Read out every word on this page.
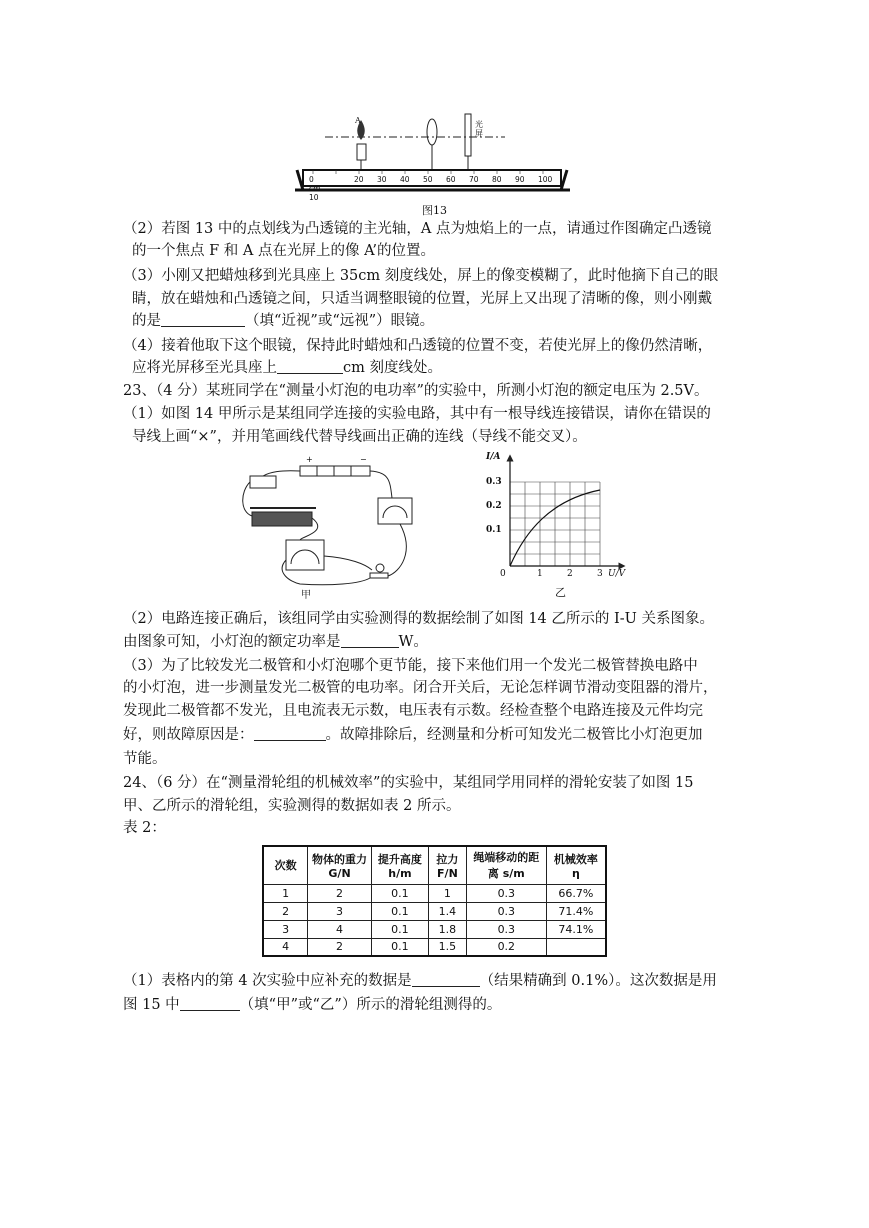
A	光屏
0 cm 10
20 30 40 50 60 70 80 90 100
图13
（2）若图 13 中的点划线为凸透镜的主光轴，A 点为烛焰上的一点，请通过作图确定凸透镜
的一个焦点 F 和 A 点在光屏上的像 A’的位置。
（3）小刚又把蜡烛移到光具座上 35cm 刻度线处，屏上的像变模糊了，此时他摘下自己的眼
睛，放在蜡烛和凸透镜之间，只适当调整眼镜的位置，光屏上又出现了清晰的像，则小刚戴
的是	（填“近视”或“远视”）眼镜。
（4）接着他取下这个眼镜，保持此时蜡烛和凸透镜的位置不变，若使光屏上的像仍然清晰，
应将光屏移至光具座上	cm 刻度线处。
23、（4 分）某班同学在“测量小灯泡的电功率”的实验中，所测小灯泡的额定电压为 2.5V。
（1）如图 14 甲所示是某组同学连接的实验电路，其中有一根导线连接错误，请你在错误的
导线上画“×”，并用笔画线代替导线画出正确的连线（导线不能交叉）。
+	−
甲
I/A
U/V
0.3
0.2
0.1
0	1	2	3
乙
（2）电路连接正确后，该组同学由实验测得的数据绘制了如图 14 乙所示的 I-U 关系图象。
由图象可知，小灯泡的额定功率是	W。
（3）为了比较发光二极管和小灯泡哪个更节能，接下来他们用一个发光二极管替换电路中
的小灯泡，进一步测量发光二极管的电功率。闭合开关后，无论怎样调节滑动变阻器的滑片，
发现此二极管都不发光，且电流表无示数，电压表有示数。经检查整个电路连接及元件均完
好，则故障原因是：	。故障排除后，经测量和分析可知发光二极管比小灯泡更加
节能。
24、（6 分）在“测量滑轮组的机械效率”的实验中，某组同学用同样的滑轮安装了如图 15
甲、乙所示的滑轮组，实验测得的数据如表 2 所示。
表 2：
次数	物体的重力 G/N	提升高度 h/m	拉力 F/N	绳端移动的距离 s/m	机械效率 η
1	2	0.1	1	0.3	66.7%
2	3	0.1	1.4	0.3	71.4%
3	4	0.1	1.8	0.3	74.1%
4	2	0.1	1.5	0.2	
（1）表格内的第 4 次实验中应补充的数据是	（结果精确到 0.1%）。这次数据是用
图 15 中	（填“甲”或“乙”）所示的滑轮组测得的。
